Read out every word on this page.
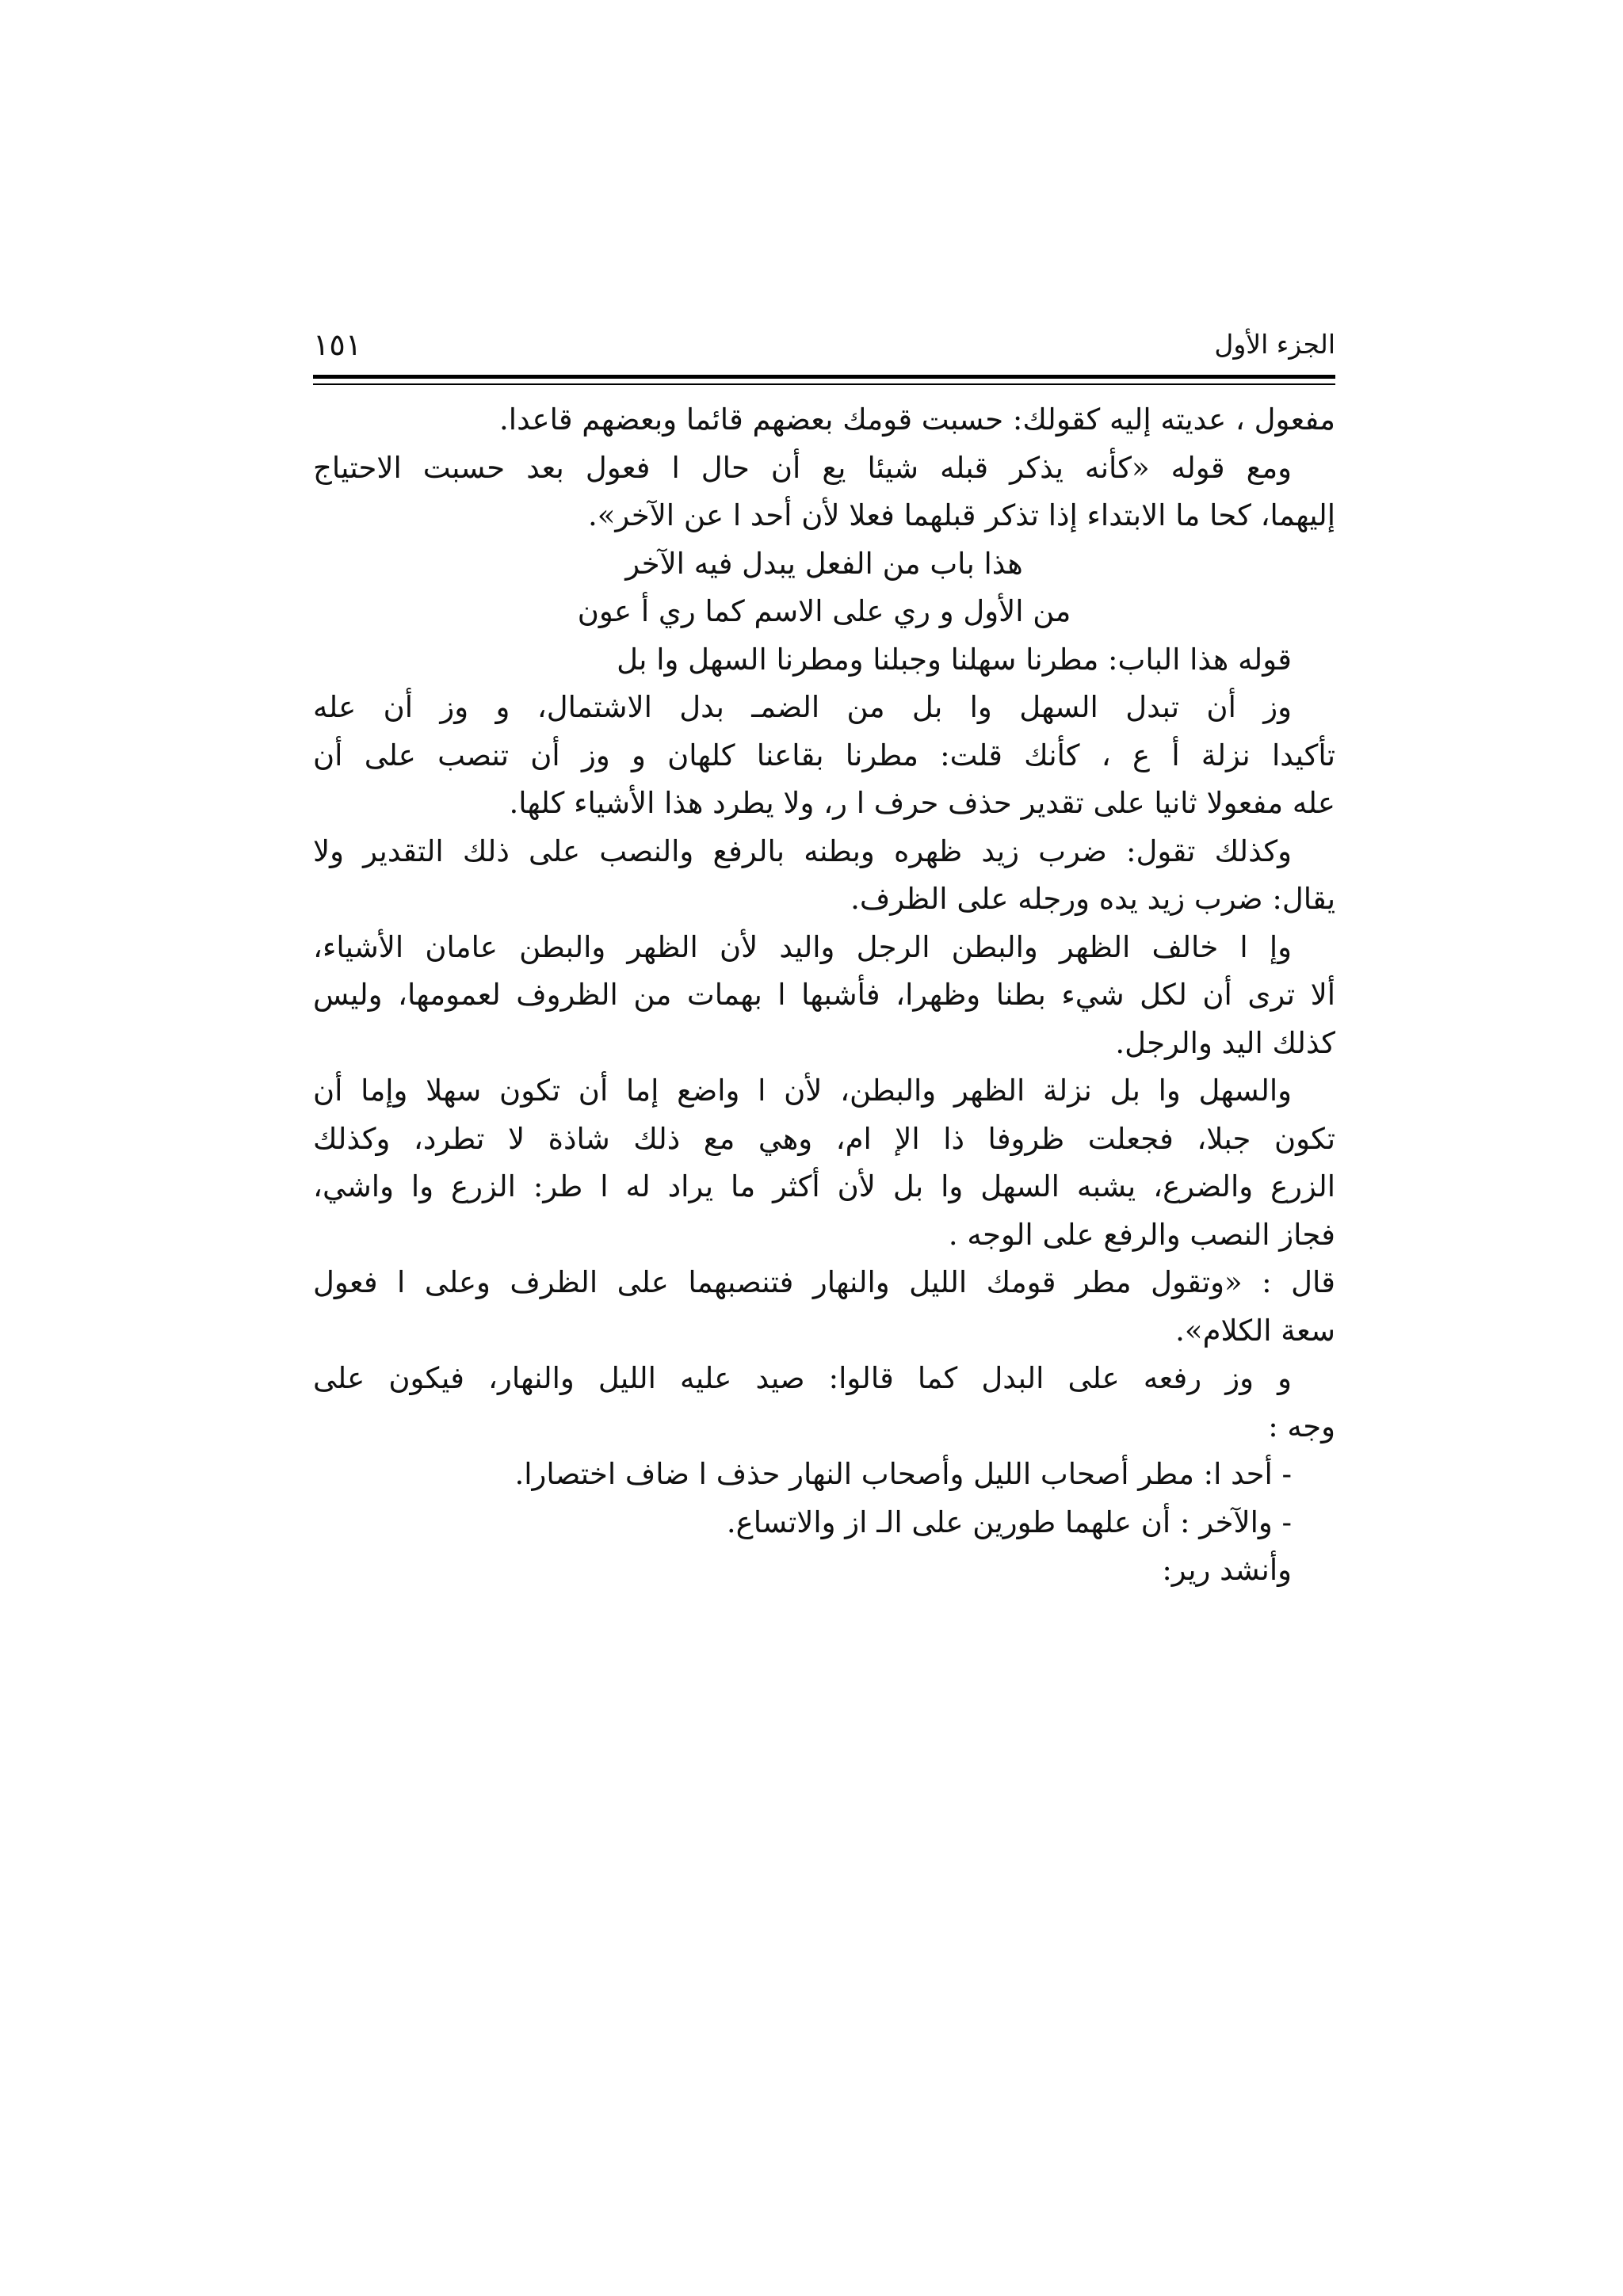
الجزء الأول
١٥١
مفعول ، عديته إليه كقولك: حسبت قومك بعضهم قائما وبعضهم قاعدا.
ومع قوله «كأنه يذكر قبله شيئا يع أن حال ا فعول بعد حسبت الاحتياج
إليهما، كحا ما الابتداء إذا تذكر قبلهما فعلا لأن أحد ا عن الآخر».
هذا باب من الفعل يبدل فيه الآخر
من الأول و ري على الاسم كما ري أ عون
قوله هذا الباب: مطرنا سهلنا وجبلنا ومطرنا السهل وا بل
وز أن تبدل السهل وا بل من الضمـ بدل الاشتمال، و وز أن عله
تأكيدا نزلة أ ع ، كأنك قلت: مطرنا بقاعنا كلهان و وز أن تنصب على أن
عله مفعولا ثانيا على تقدير حذف حرف ا ر، ولا يطرد هذا الأشياء كلها.
وكذلك تقول: ضرب زيد ظهره وبطنه بالرفع والنصب على ذلك التقدير ولا
يقال: ضرب زيد يده ورجله على الظرف.
وإ ا خالف الظهر والبطن الرجل واليد لأن الظهر والبطن عامان الأشياء،
ألا ترى أن لكل شيء بطنا وظهرا، فأشبها ا بهمات من الظروف لعمومها، وليس
كذلك اليد والرجل.
والسهل وا بل نزلة الظهر والبطن، لأن ا واضع إما أن تكون سهلا وإما أن
تكون جبلا، فجعلت ظروفا ذا الإ ام، وهي مع ذلك شاذة لا تطرد، وكذلك
الزرع والضرع، يشبه السهل وا بل لأن أكثر ما يراد له ا طر: الزرع وا واشي،
فجاز النصب والرفع على الوجه .
قال : «وتقول مطر قومك الليل والنهار فتنصبهما على الظرف وعلى ا فعول
سعة الكلام».
و وز رفعه على البدل كما قالوا: صيد عليه الليل والنهار، فيكون على
وجه :
- أحد ا: مطر أصحاب الليل وأصحاب النهار حذف ا ضاف اختصارا.
- والآخر : أن علهما طورين على الـ از والاتساع.
وأنشد رير:
